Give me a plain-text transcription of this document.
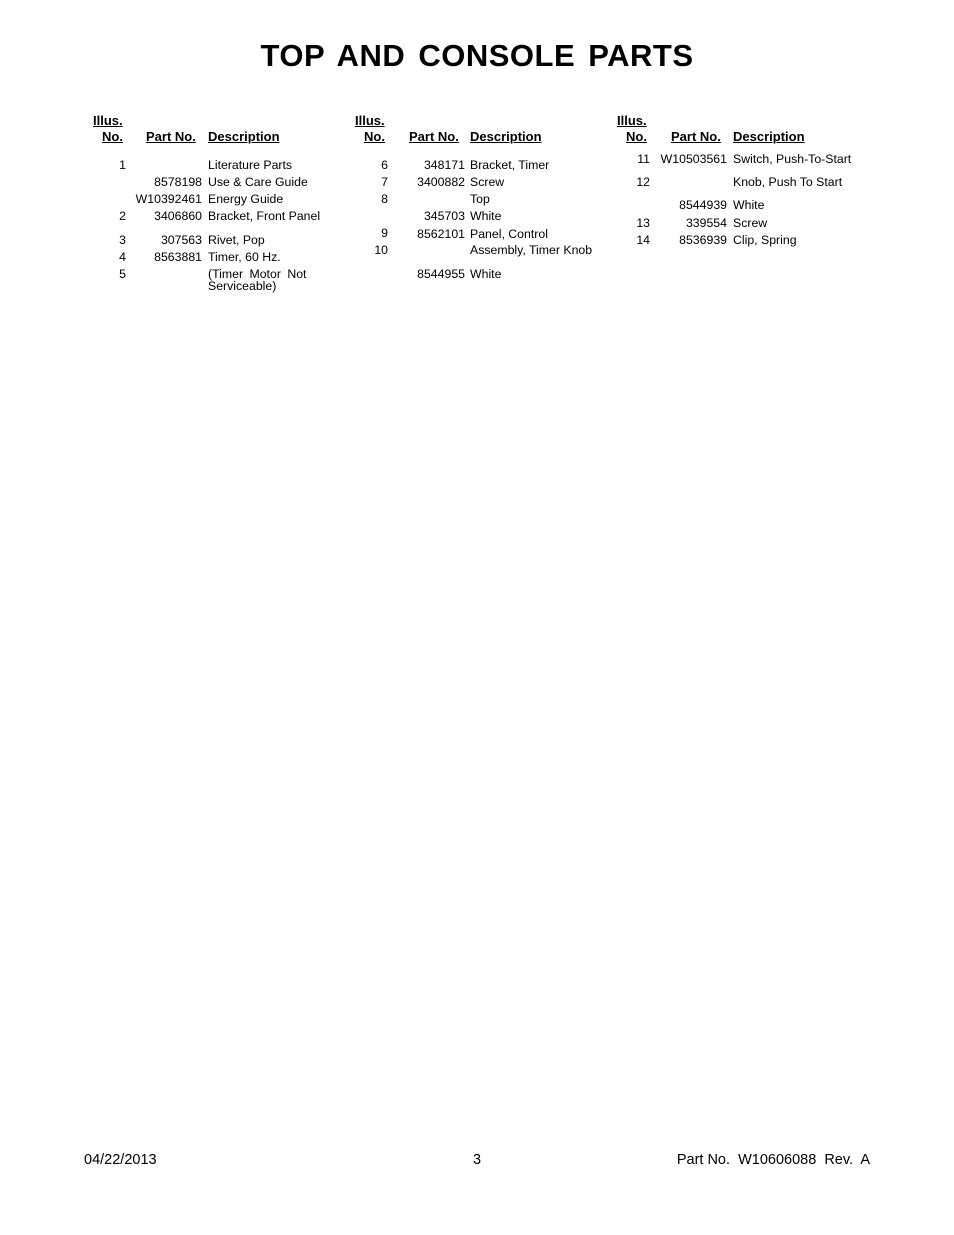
TOP AND CONSOLE PARTS
Illus.
No. Part No. Description
1	Literature Parts
8578198 Use & Care Guide
W10392461 Energy Guide
2	3406860 Bracket, Front Panel
3	307563 Rivet, Pop
4	8563881 Timer, 60 Hz.
5	(Timer Motor Not
Serviceable)
Illus.
No. Part No. Description
6	348171 Bracket, Timer
7	3400882 Screw
8	Top
345703 White
9	8562101 Panel, Control
10	Assembly, Timer Knob
8544955 White
Illus.
No. Part No. Description
11 W10503561 Switch, Push-To-Start
12	Knob, Push To Start
8544939 White
13	339554 Screw
14	8536939 Clip, Spring
04/22/2013	3	Part No.  W10606088  Rev.  A
